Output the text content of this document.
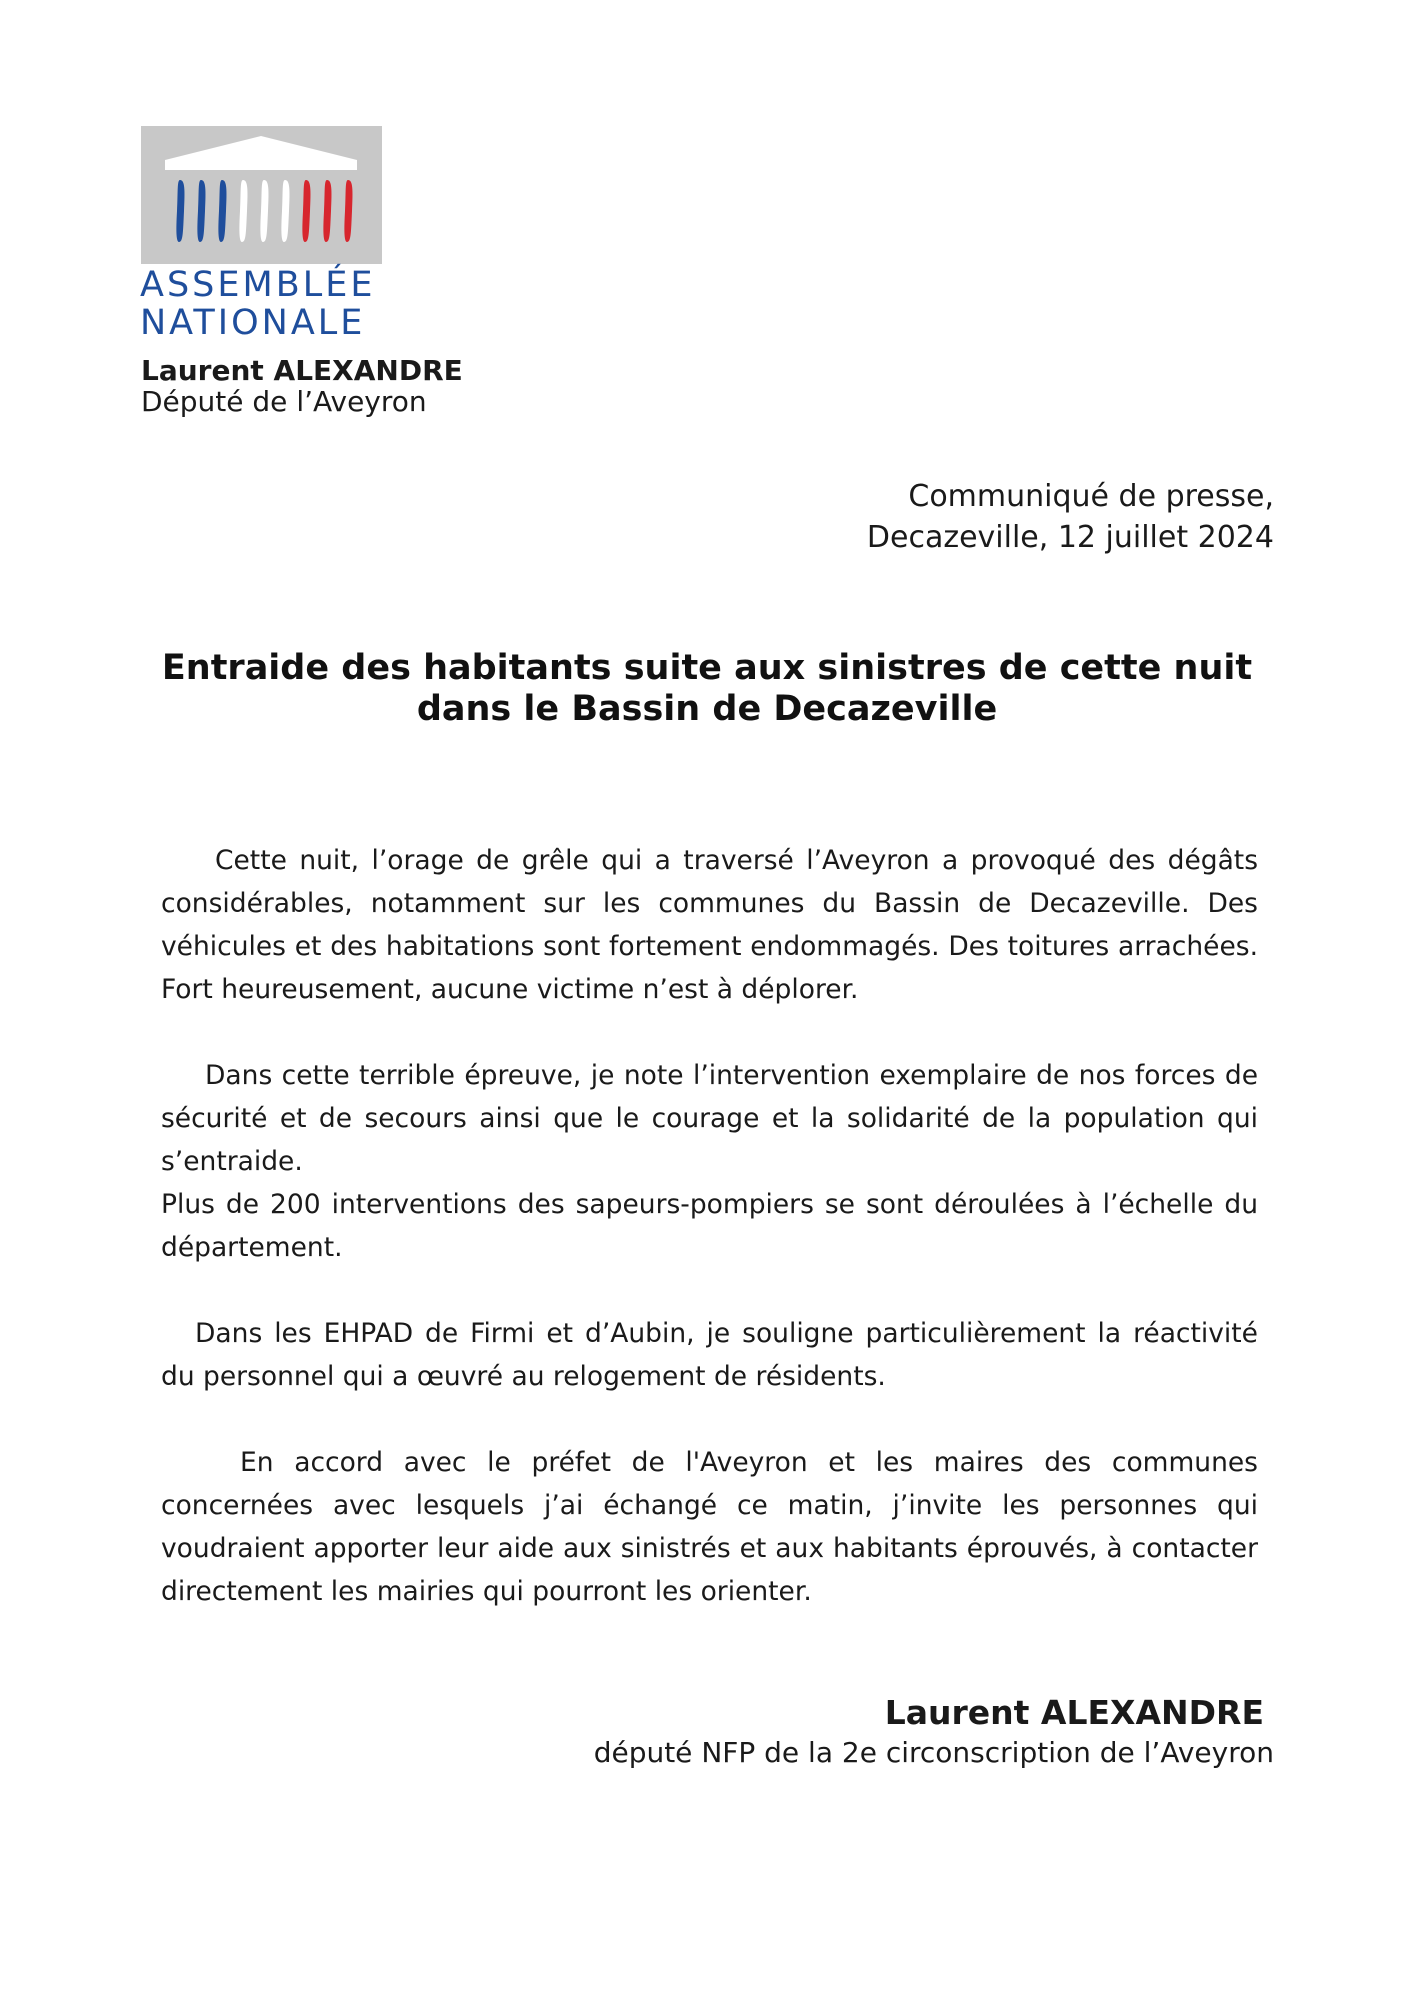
ASSEMBLÉE
NATIONALE
Laurent ALEXANDRE
Député de l’Aveyron
Communiqué de presse,
Decazeville, 12 juillet 2024
Entraide des habitants suite aux sinistres de cette nuit
dans le Bassin de Decazeville

Cette nuit, l’orage de grêle qui a traversé l’Aveyron a provoqué des dégâts considérables, notamment sur les communes du Bassin de Decazeville. Des véhicules et des habitations sont fortement endommagés. Des toitures arrachées. Fort heureusement, aucune victime n’est à déplorer.

Dans cette terrible épreuve, je note l’intervention exemplaire de nos forces de sécurité et de secours ainsi que le courage et la solidarité de la population qui s’entraide.

Plus de 200 interventions des sapeurs-pompiers se sont déroulées à l’échelle du département.

Dans les EHPAD de Firmi et d’Aubin, je souligne particulièrement la réactivité du personnel qui a œuvré au relogement de résidents.

En accord avec le préfet de l'Aveyron et les maires des communes concernées avec lesquels j’ai échangé ce matin, j’invite les personnes qui voudraient apporter leur aide aux sinistrés et aux habitants éprouvés, à contacter directement les mairies qui pourront les orienter.

Laurent ALEXANDRE
député NFP de la 2e circonscription de l’Aveyron
